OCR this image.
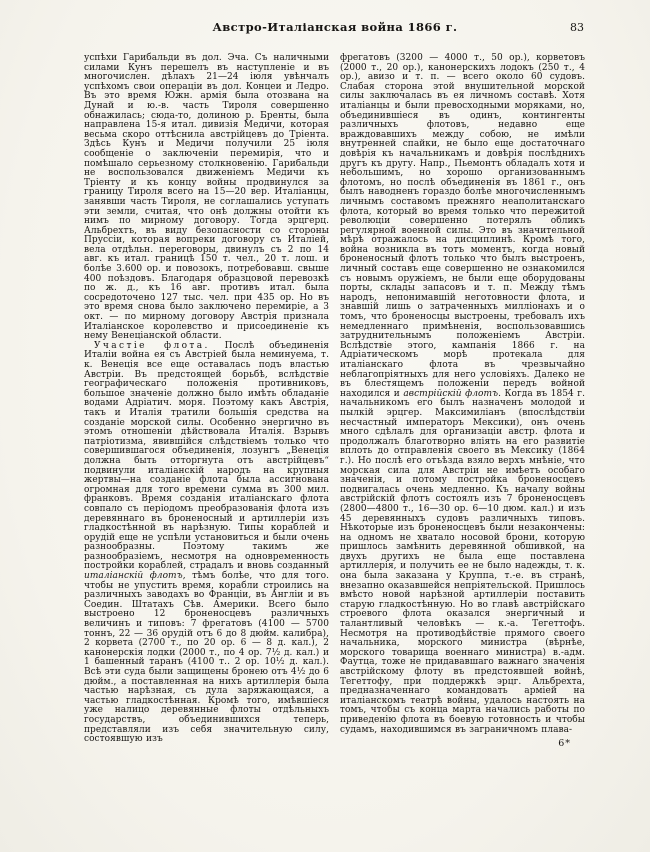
Австро-Италіанская война 1866 г.	83

успѣхи Гарибальди въ дол. Эча. Съ наличными силами Кунъ перешелъ въ наступленіе и въ многочислен. дѣлахъ 21—24 іюля увѣнчалъ успѣхомъ свои операціи въ дол. Концеи и Ледро. Въ это время Южн. армія была отозвана на Дунай и ю.-в. часть Тироля совершенно обнажилась; сюда-то, долиною р. Бренты, была направлена 15-я итал. дивизія Медичи, которая весьма скоро оттѣснила австрійцевъ до Тріента. Здѣсь Кунъ и Медичи получили 25 іюля сообщеніе о заключеніи перемирія, что и помѣшало серьезному столкновенію. Гарибальди не воспользовался движеніемъ Медичи къ Тріенту и къ концу войны продвинулся за границу Тироля всего на 15—20 вер. Италіанцы, занявши часть Тироля, не соглашались уступать эти земли, считая, что онѣ должны отойти къ нимъ по мирному договору. Тогда эрцгерц. Альбрехтъ, въ виду безопасности со стороны Пруссіи, которая вопреки договору съ Италіей, вела отдѣльн. переговоры, двинулъ съ 2 по 14 авг. къ итал. границѣ 150 т. чел., 20 т. лош. и болѣе 3.600 ор. и повозокъ, потребовавш. свыше 400 поѣздовъ. Благодаря образцовой перевозкѣ по ж. д., къ 16 авг. противъ итал. была сосредоточено 127 тыс. чел. при 435 ор. Но въ это время снова было заключено перемиріе, а 3 окт. — по мирному договору Австрія признала Италіанское королевство и присоединеніе къ нему Венеціанской области.

Участіе флота. Послѣ объединенія Италіи война ея съ Австріей была неминуема, т. к. Венеція все еще оставалась подъ властью Австріи. Въ предстоящей борьбѣ, вслѣдствіе географическаго положенія противниковъ, большое значеніе должно было имѣть обладаніе водами Адріатич. моря. Поэтому какъ Австрія, такъ и Италія тратили большія средства на созданіе морской силы. Особенно энергично въ этомъ отношеніи дѣйствовала Италія. Взрывъ патріотизма, явившійся слѣдствіемъ только что совершившагося объединенія, лозунгъ „Венеція должна быть отторгнута отъ австрійцевъ“ подвинули италіанскій народъ на крупныя жертвы—на созданіе флота была ассигнована огромная для того времени сумма въ 300 мил. франковъ. Время созданія италіанскаго флота совпало съ періодомъ преобразованія флота изъ деревяннаго въ броненосный и артиллеріи изъ гладкостѣнной въ нарѣзную. Типы кораблей и орудій еще не успѣли установиться и были очень разнообразны. Поэтому такимъ же разнообразіемъ, несмотря на одновременность постройки кораблей, страдалъ и вновь созданный италіанскій флотъ, тѣмъ болѣе, что для того. чтобы не упустить время, корабли строились на различныхъ заводахъ во Франціи, въ Англіи и въ Соедин. Штатахъ Сѣв. Америки. Всего было выстроено 12 броненосцевъ различныхъ величинъ и типовъ: 7 фрегатовъ (4100 — 5700 тоннъ, 22 — 36 орудій отъ 6 до 8 дюйм. калибра), 2 корвета (2700 т., по 20 ор. 6 — 8 д. кал.), 2 канонерскія лодки (2000 т., по 4 ор. 7½ д. кал.) и 1 башенный таранъ (4100 т.. 2 ор. 10½ д. кал.). Всѣ эти суда были защищены бронею отъ 4½ до 6 дюйм., а поставленная на нихъ артиллерія была частью нарѣзная, съ дула заряжающаяся, а частью гладкостѣнная. Кромѣ того, имѣвшіеся уже налицо деревянные флоты отдѣльныхъ государствъ, объединившихся теперь, представляли изъ себя значительную силу, состоявшую изъ

фрегатовъ (3200 — 4000 т., 50 ор.), корветовъ (2000 т., 20 ор.), канонерскихъ лодокъ (250 т., 4 ор.), авизо и т. п. — всего около 60 судовъ. Слабая сторона этой внушительной морской силы заключалась въ ея личномъ составѣ. Хотя италіанцы и были превосходными моряками, но, объединившіеся въ одинъ, контингенты различныхъ флотовъ, недавно еще враждовавшихъ между собою, не имѣли внутренней спайки, не было еще достаточнаго довѣрія къ начальникамъ и довѣрія послѣднихъ другъ къ другу. Напр., Пьемонтъ обладалъ хотя и небольшимъ, но хорошо организованнымъ флотомъ, но послѣ объединенія въ 1861 г., онъ былъ наводненъ гораздо болѣе многочисленнымъ личнымъ составомъ прежняго неаполитанскаго флота, который во время только что пережитой революціи совершенно потерялъ обликъ регулярной военной силы. Это въ значительной мѣрѣ отражалось на дисциплинѣ. Кромѣ того, война возникла въ тотъ моментъ, когда новый броненосный флотъ только что былъ выстроенъ, личный составъ еще совершенно не ознакомился съ новымъ оружіемъ, не были еще оборудованы порты, склады запасовъ и т. п. Между тѣмъ народъ, непонимавшій неготовности флота, и знавшій лишь о затраченныхъ милліонахъ и о томъ, что броненосцы выстроены, требовалъ ихъ немедленнаго примѣненія, воспользовавшись затруднительнымъ положеніемъ Австріи. Вслѣдствіе этого, кампанія 1866 г. на Адріатическомъ морѣ протекала для италіанскаго флота въ чрезвычайно неблагопріятныхъ для него условіяхъ. Далеко не въ блестящемъ положеніи передъ войной находился и австрійскій флотъ. Когда въ 1854 г. начальникомъ его былъ назначенъ молодой и пылкій эрцгер. Максимиліанъ (впослѣдствіи несчастный императоръ Мексики), онъ очень много сдѣлалъ для организаціи австр. флота и продолжалъ благотворно вліять на его развитіе вплоть до отправленія своего въ Мексику (1864 г.). Но послѣ его отъѣзда взяло верхъ мнѣніе, что морская сила для Австріи не имѣетъ особаго значенія, и потому постройка броненосцевъ подвигалась очень медленно. Къ началу войны австрійскій флотъ состоялъ изъ 7 броненосцевъ (2800—4800 т., 16—30 ор. 6—10 дюм. кал.) и изъ 45 деревянныхъ судовъ различныхъ типовъ. Нѣкоторые изъ броненосцевъ были незакончены: на одномъ не хватало носовой брони, которую пришлось замѣнить деревянной обшивкой, на двухъ другихъ не была еще поставлена артиллерія, и получить ее не было надежды, т. к. она была заказана у Круппа, т.-е. въ странѣ, внезапно оказавшейся непріятельской. Пришлось вмѣсто новой нарѣзной артиллеріи поставить старую гладкостѣнную. Но во главѣ австрійскаго строевого флота оказался энергичный и талантливый человѣкъ — к.-а. Тегеттофъ. Несмотря на противодѣйствіе прямого своего начальника, морского министра (вѣрнѣе, морского товарища военнаго министра) в.-адм. Фаутца, тоже не придававшаго важнаго значенія австрійскому флоту въ предстоявшей войнѣ, Тегеттофу, при поддержкѣ эрцг. Альбрехта, предназначеннаго командовать арміей на италіанскомъ театрѣ войны, удалось настоять на томъ, чтобы съ конца марта начались работы по приведенію флота въ боевую готовность и чтобы судамъ, находившимся въ заграничномъ плава-

6*
